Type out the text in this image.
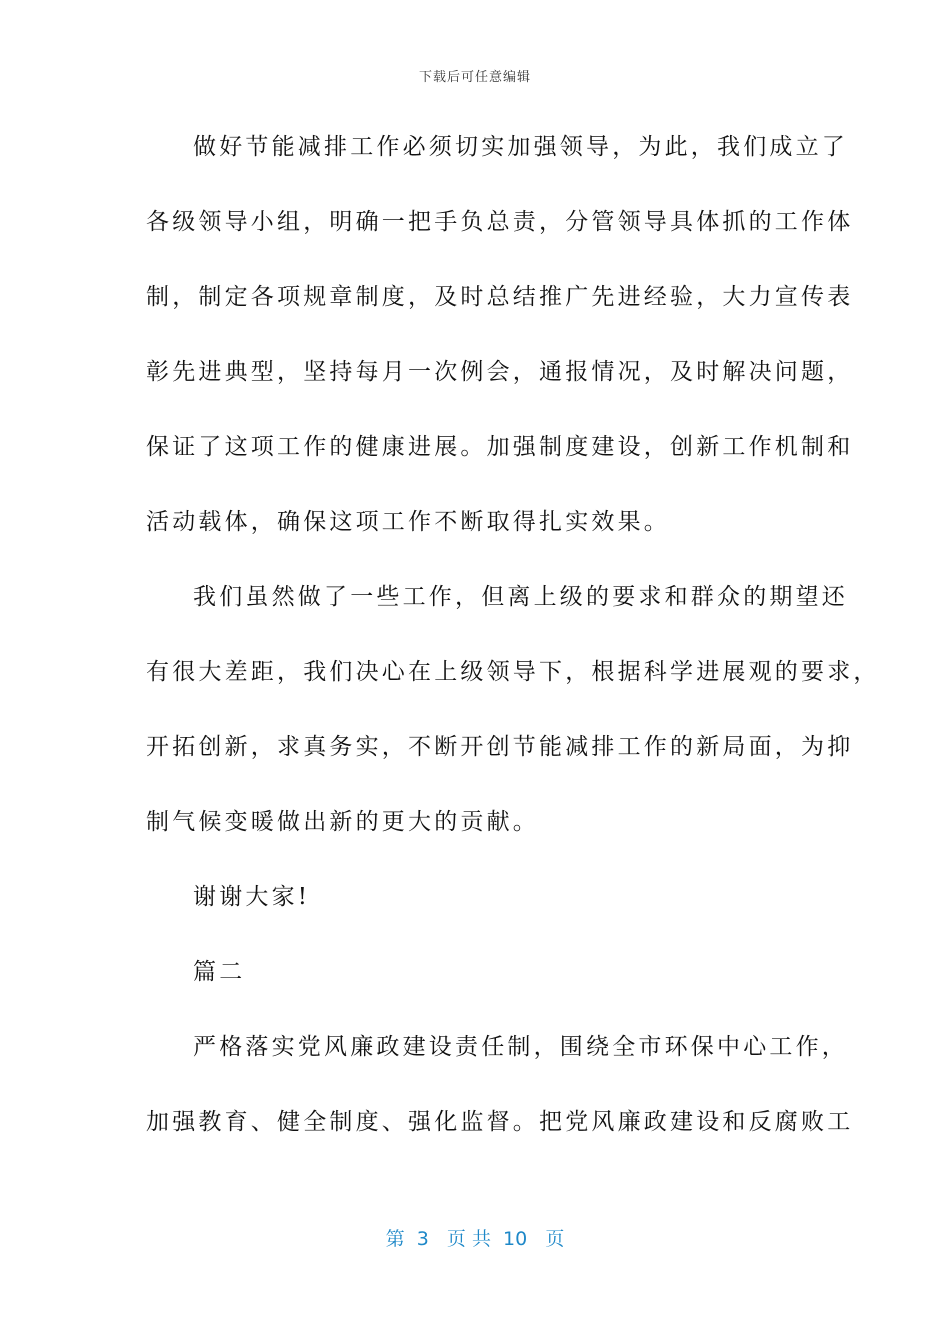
下载后可任意编辑
做好节能减排工作必须切实加强领导，为此，我们成立了
各级领导小组，明确一把手负总责，分管领导具体抓的工作体
制，制定各项规章制度，及时总结推广先进经验，大力宣传表
彰先进典型，坚持每月一次例会，通报情况，及时解决问题，
保证了这项工作的健康进展。加强制度建设，创新工作机制和
活动载体，确保这项工作不断取得扎实效果。
我们虽然做了一些工作，但离上级的要求和群众的期望还
有很大差距，我们决心在上级领导下，根据科学进展观的要求，
开拓创新，求真务实，不断开创节能减排工作的新局面，为抑
制气候变暖做出新的更大的贡献。
谢谢大家!
篇二
严格落实党风廉政建设责任制，围绕全市环保中心工作，
加强教育、健全制度、强化监督。把党风廉政建设和反腐败工
第  3   页 共  10   页
